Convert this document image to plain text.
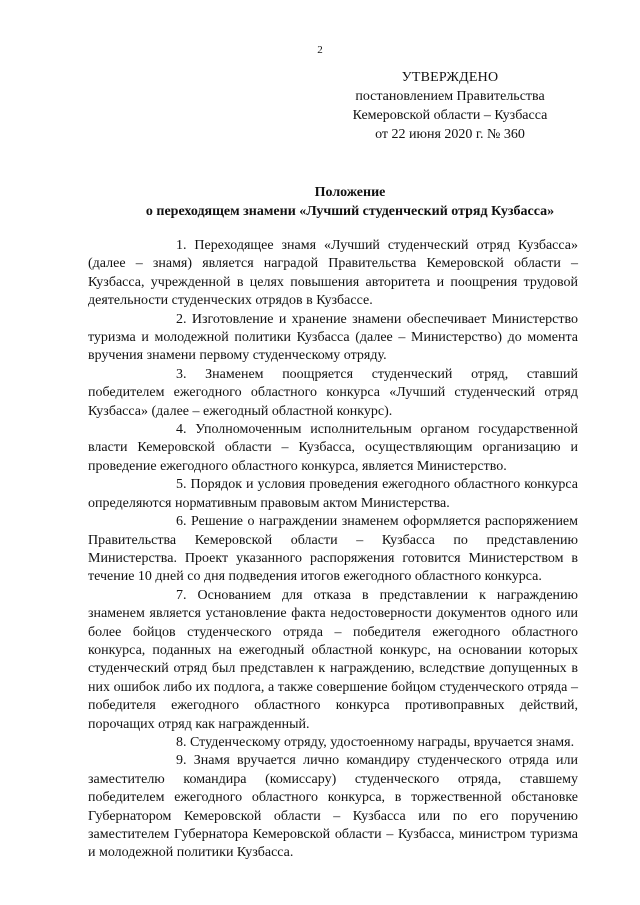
2
УТВЕРЖДЕНО
постановлением Правительства
Кемеровской области – Кузбасса
от 22 июня 2020 г. № 360
Положение
о переходящем знамени «Лучший студенческий отряд Кузбасса»

1. Переходящее знамя «Лучший студенческий отряд Кузбасса» (далее – знамя) является наградой Правительства Кемеровской области – Кузбасса, учрежденной в целях повышения авторитета и поощрения трудовой деятельности студенческих отрядов в Кузбассе.

2. Изготовление и хранение знамени обеспечивает Министерство туризма и молодежной политики Кузбасса (далее – Министерство) до момента вручения знамени первому студенческому отряду.

3. Знаменем поощряется студенческий отряд, ставший победителем ежегодного областного конкурса «Лучший студенческий отряд Кузбасса» (далее – ежегодный областной конкурс).

4. Уполномоченным исполнительным органом государственной власти Кемеровской области – Кузбасса, осуществляющим организацию и проведение ежегодного областного конкурса, является Министерство.

5. Порядок и условия проведения ежегодного областного конкурса определяются нормативным правовым актом Министерства.

6. Решение о награждении знаменем оформляется распоряжением Правительства Кемеровской области – Кузбасса по представлению Министерства. Проект указанного распоряжения готовится Министерством в течение 10 дней со дня подведения итогов ежегодного областного конкурса.

7. Основанием для отказа в представлении к награждению знаменем является установление факта недостоверности документов одного или более бойцов студенческого отряда – победителя ежегодного областного конкурса, поданных на ежегодный областной конкурс, на основании которых студенческий отряд был представлен к награждению, вследствие допущенных в них ошибок либо их подлога, а также совершение бойцом студенческого отряда – победителя ежегодного областного конкурса противоправных действий, порочащих отряд как награжденный.

8. Студенческому отряду, удостоенному награды, вручается знамя.

9. Знамя вручается лично командиру студенческого отряда или заместителю командира (комиссару) студенческого отряда, ставшему победителем ежегодного областного конкурса, в торжественной обстановке Губернатором Кемеровской области – Кузбасса или по его поручению заместителем Губернатора Кемеровской области – Кузбасса, министром туризма и молодежной политики Кузбасса.
